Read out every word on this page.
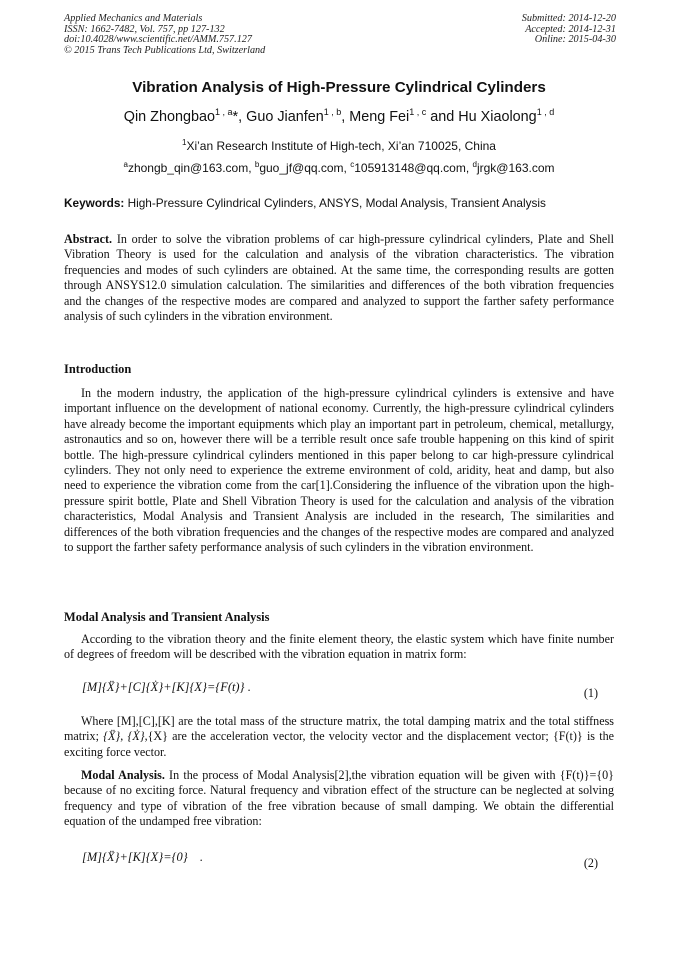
Applied Mechanics and Materials
ISSN: 1662-7482, Vol. 757, pp 127-132
doi:10.4028/www.scientific.net/AMM.757.127
© 2015 Trans Tech Publications Ltd, Switzerland
Submitted: 2014-12-20
Accepted: 2014-12-31
Online: 2015-04-30
Vibration Analysis of High-Pressure Cylindrical Cylinders
Qin Zhongbao$^{1 , a}$*, Guo Jianfen$^{1 , b}$, Meng Fei$^{1 , c}$ and Hu Xiaolong$^{1 , d}$
$^1$Xi’an Research Institute of High-tech, Xi’an 710025, China
$^a$zhongb_qin@163.com, $^b$guo_jf@qq.com, $^c$105913148@qq.com, $^d$jrgk@163.com
Keywords: High-Pressure Cylindrical Cylinders, ANSYS, Modal Analysis, Transient Analysis
Abstract. In order to solve the vibration problems of car high-pressure cylindrical cylinders, Plate and Shell Vibration Theory is used for the calculation and analysis of the vibration characteristics. The vibration frequencies and modes of such cylinders are obtained. At the same time, the corresponding results are gotten through ANSYS12.0 simulation calculation. The similarities and differences of the both vibration frequencies and the changes of the respective modes are compared and analyzed to support the farther safety performance analysis of such cylinders in the vibration environment.
Introduction
In the modern industry, the application of the high-pressure cylindrical cylinders is extensive and have important influence on the development of national economy. Currently, the high-pressure cylindrical cylinders have already become the important equipments which play an important part in petroleum, chemical, metallurgy, astronautics and so on, however there will be a terrible result once safe trouble happening on this kind of spirit bottle. The high-pressure cylindrical cylinders mentioned in this paper belong to car high-pressure cylindrical cylinders. They not only need to experience the extreme environment of cold, aridity, heat and damp, but also need to experience the vibration come from the car[1].Considering the influence of the vibration upon the high-pressure spirit bottle, Plate and Shell Vibration Theory is used for the calculation and analysis of the vibration characteristics, Modal Analysis and Transient Analysis are included in the research, The similarities and differences of the both vibration frequencies and the changes of the respective modes are compared and analyzed to support the farther safety performance analysis of such cylinders in the vibration environment.
Modal Analysis and Transient Analysis
According to the vibration theory and the finite element theory, the elastic system which have finite number of degrees of freedom will be described with the vibration equation in matrix form:
[M]{Ẍ}+[C]{Ẋ}+[K]{X}={F(t)} .	(1)
Where [M],[C],[K] are the total mass of the structure matrix, the total damping matrix and the total stiffness matrix; {Ẍ}, {Ẋ},{X} are the acceleration vector, the velocity vector and the displacement vector; {F(t)} is the exciting force vector.
Modal Analysis. In the process of Modal Analysis[2],the vibration equation will be given with {F(t)}={0} because of no exciting force. Natural frequency and vibration effect of the structure can be neglected at solving frequency and type of vibration of the free vibration because of small damping. We obtain the differential equation of the undamped free vibration:
[M]{Ẍ}+[K]{X}={0} .	(2)
